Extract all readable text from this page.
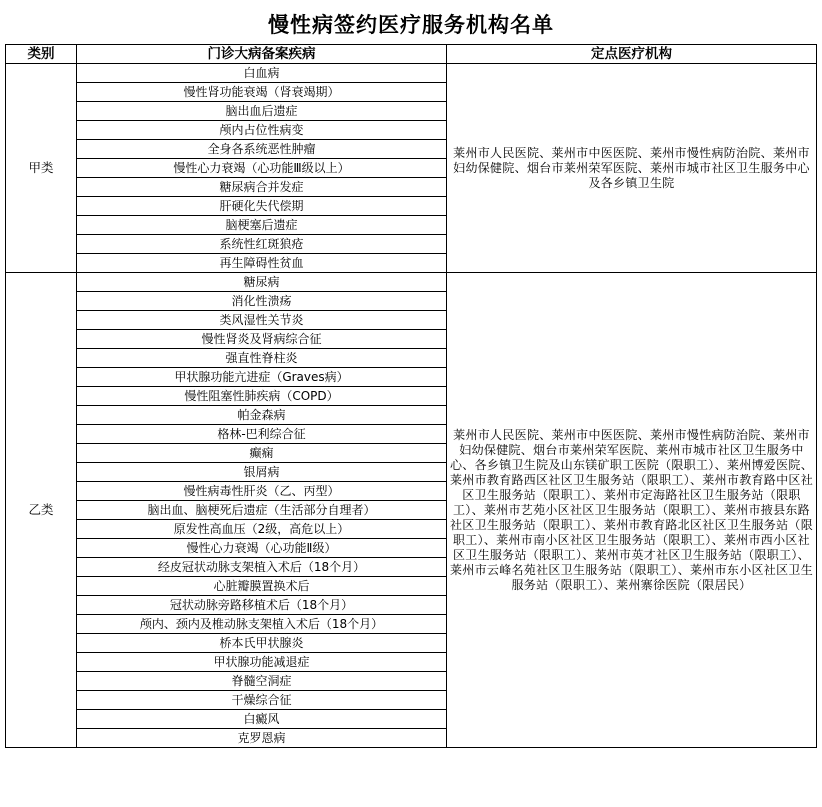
慢性病签约医疗服务机构名单
类别	门诊大病备案疾病	定点医疗机构
甲类	白血病	莱州市人民医院、莱州市中医医院、莱州市慢性病防治院、莱州市妇幼保健院、烟台市莱州荣军医院、莱州市城市社区卫生服务中心及各乡镇卫生院
	慢性肾功能衰竭（肾衰竭期）	
	脑出血后遗症	
	颅内占位性病变	
	全身各系统恶性肿瘤	
	慢性心力衰竭（心功能Ⅲ级以上）	
	糖尿病合并发症	
	肝硬化失代偿期	
	脑梗塞后遗症	
	系统性红斑狼疮	
	再生障碍性贫血	
乙类	糖尿病	莱州市人民医院、莱州市中医医院、莱州市慢性病防治院、莱州市妇幼保健院、烟台市莱州荣军医院、莱州市城市社区卫生服务中心、各乡镇卫生院及山东镁矿职工医院（限职工）、莱州博爱医院、莱州市教育路西区社区卫生服务站（限职工）、莱州市教育路中区社区卫生服务站（限职工）、莱州市定海路社区卫生服务站（限职工）、莱州市艺苑小区社区卫生服务站（限职工）、莱州市掖县东路社区卫生服务站（限职工）、莱州市教育路北区社区卫生服务站（限职工）、莱州市南小区社区卫生服务站（限职工）、莱州市西小区社区卫生服务站（限职工）、莱州市英才社区卫生服务站（限职工）、莱州市云峰名苑社区卫生服务站（限职工）、莱州市东小区社区卫生服务站（限职工）、莱州寨徐医院（限居民）
	消化性溃疡	
	类风湿性关节炎	
	慢性肾炎及肾病综合征	
	强直性脊柱炎	
	甲状腺功能亢进症（Graves病）	
	慢性阻塞性肺疾病（COPD）	
	帕金森病	
	格林-巴利综合征	
	癫痫	
	银屑病	
	慢性病毒性肝炎（乙、丙型）	
	脑出血、脑梗死后遗症（生活部分自理者）	
	原发性高血压（2级，高危以上）	
	慢性心力衰竭（心功能Ⅱ级）	
	经皮冠状动脉支架植入术后（18个月）	
	心脏瓣膜置换术后	
	冠状动脉旁路移植术后（18个月）	
	颅内、颈内及椎动脉支架植入术后（18个月）	
	桥本氏甲状腺炎	
	甲状腺功能减退症	
	脊髓空洞症	
	干燥综合征	
	白癜风	
	克罗恩病	
